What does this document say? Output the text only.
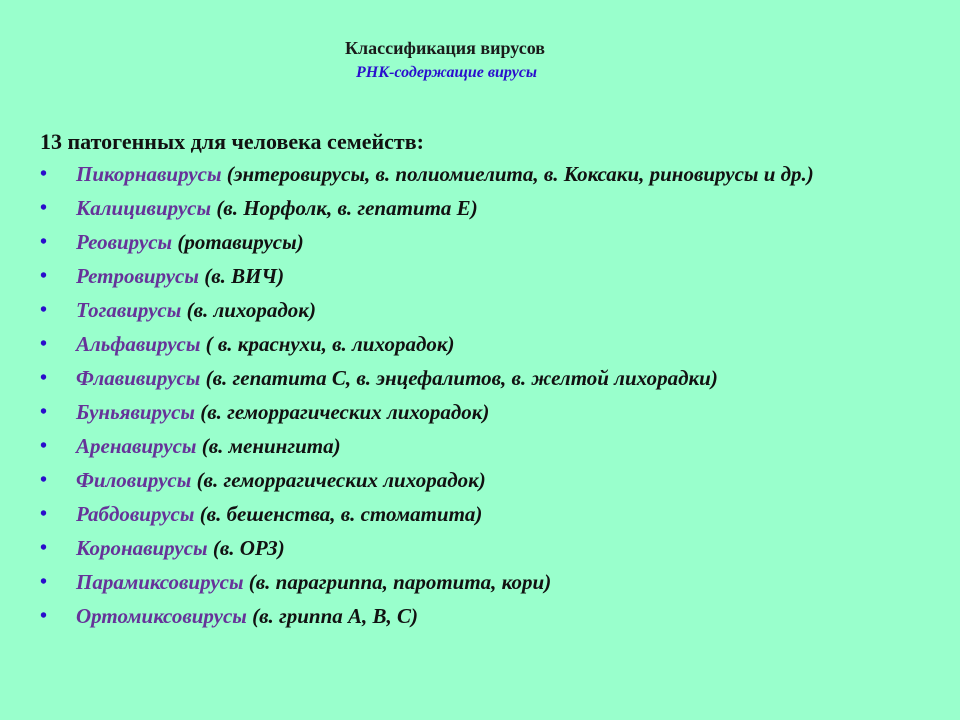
Классификация вирусов
РНК-содержащие вирусы
13 патогенных для человека семейств:
• Пикорнавирусы (энтеровирусы, в. полиомиелита, в. Коксаки, риновирусы и др.)
• Калицивирусы (в. Норфолк, в. гепатита Е)
• Реовирусы (ротавирусы)
• Ретровирусы (в. ВИЧ)
• Тогавирусы (в. лихорадок)
• Альфавирусы ( в. краснухи, в. лихорадок)
• Флавивирусы (в. гепатита С, в. энцефалитов, в. желтой лихорадки)
• Буньявирусы (в. геморрагических лихорадок)
• Аренавирусы (в. менингита)
• Филовирусы (в. геморрагических лихорадок)
• Рабдовирусы (в. бешенства, в. стоматита)
• Коронавирусы (в. ОРЗ)
• Парамиксовирусы (в. парагриппа, паротита, кори)
• Ортомиксовирусы (в. гриппа А, В, С)
